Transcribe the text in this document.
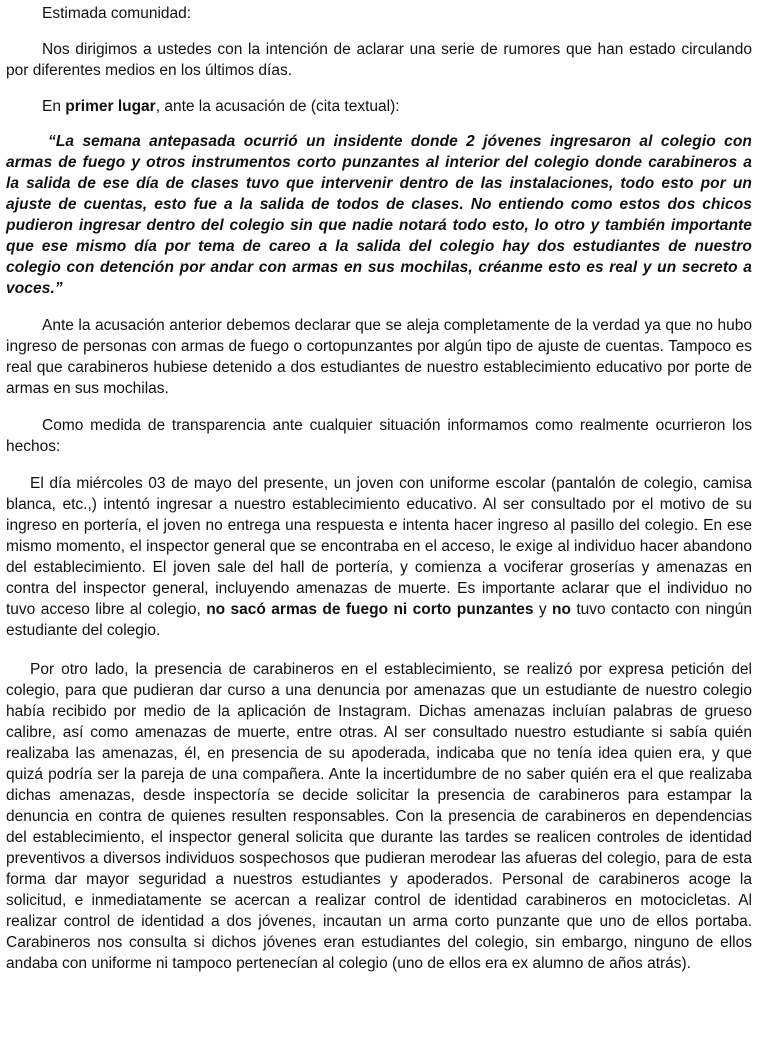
Estimada comunidad:

Nos dirigimos a ustedes con la intención de aclarar una serie de rumores que han estado circulando por diferentes medios en los últimos días.

En primer lugar, ante la acusación de (cita textual):

“La semana antepasada ocurrió un insidente donde 2 jóvenes ingresaron al colegio con armas de fuego y otros instrumentos corto punzantes al interior del colegio donde carabineros a la salida de ese día de clases tuvo que intervenir dentro de las instalaciones, todo esto por un ajuste de cuentas, esto fue a la salida de todos de clases. No entiendo como estos dos chicos pudieron ingresar dentro del colegio sin que nadie notará todo esto, lo otro y también importante que ese mismo día por tema de careo a la salida del colegio hay dos estudiantes de nuestro colegio con detención por andar con armas en sus mochilas, créanme esto es real y un secreto a voces.”

Ante la acusación anterior debemos declarar que se aleja completamente de la verdad ya que no hubo ingreso de personas con armas de fuego o cortopunzantes por algún tipo de ajuste de cuentas. Tampoco es real que carabineros hubiese detenido a dos estudiantes de nuestro establecimiento educativo por porte de armas en sus mochilas.

Como medida de transparencia ante cualquier situación informamos como realmente ocurrieron los hechos:

El día miércoles 03 de mayo del presente, un joven con uniforme escolar (pantalón de colegio, camisa blanca, etc.,) intentó ingresar a nuestro establecimiento educativo. Al ser consultado por el motivo de su ingreso en portería, el joven no entrega una respuesta e intenta hacer ingreso al pasillo del colegio. En ese mismo momento, el inspector general que se encontraba en el acceso, le exige al individuo hacer abandono del establecimiento. El joven sale del hall de portería, y comienza a vociferar groserías y amenazas en contra del inspector general, incluyendo amenazas de muerte. Es importante aclarar que el individuo no tuvo acceso libre al colegio, no sacó armas de fuego ni corto punzantes y no tuvo contacto con ningún estudiante del colegio.

Por otro lado, la presencia de carabineros en el establecimiento, se realizó por expresa petición del colegio, para que pudieran dar curso a una denuncia por amenazas que un estudiante de nuestro colegio había recibido por medio de la aplicación de Instagram. Dichas amenazas incluían palabras de grueso calibre, así como amenazas de muerte, entre otras. Al ser consultado nuestro estudiante si sabía quién realizaba las amenazas, él, en presencia de su apoderada, indicaba que no tenía idea quien era, y que quizá podría ser la pareja de una compañera. Ante la incertidumbre de no saber quién era el que realizaba dichas amenazas, desde inspectoría se decide solicitar la presencia de carabineros para estampar la denuncia en contra de quienes resulten responsables. Con la presencia de carabineros en dependencias del establecimiento, el inspector general solicita que durante las tardes se realicen controles de identidad preventivos a diversos individuos sospechosos que pudieran merodear las afueras del colegio, para de esta forma dar mayor seguridad a nuestros estudiantes y apoderados. Personal de carabineros acoge la solicitud, e inmediatamente se acercan a realizar control de identidad carabineros en motocicletas. Al realizar control de identidad a dos jóvenes, incautan un arma corto punzante que uno de ellos portaba. Carabineros nos consulta si dichos jóvenes eran estudiantes del colegio, sin embargo, ninguno de ellos andaba con uniforme ni tampoco pertenecían al colegio (uno de ellos era ex alumno de años atrás).
